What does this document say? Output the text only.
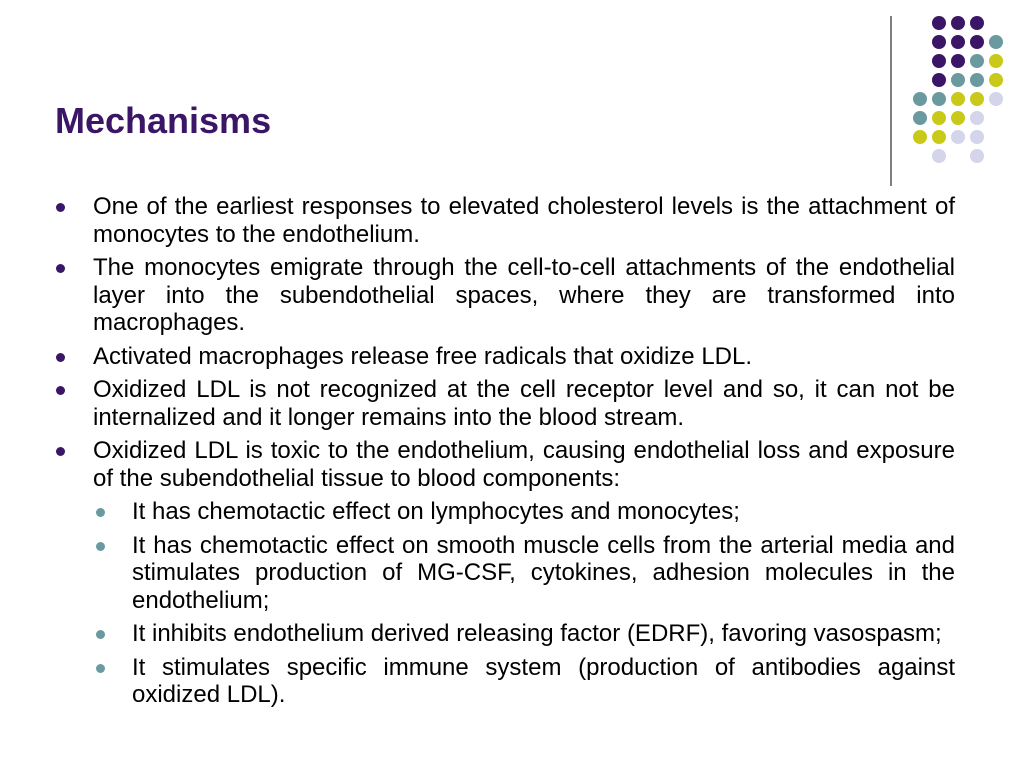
Mechanisms
One of the earliest responses to elevated cholesterol levels is the attachment of monocytes to the endothelium.
The monocytes emigrate through the cell-to-cell attachments of the endothelial layer into the subendothelial spaces, where they are transformed into macrophages.
Activated macrophages release free radicals that oxidize LDL.
Oxidized LDL is not recognized at the cell receptor level and so, it can not be internalized and it longer remains into the blood stream.
Oxidized LDL is toxic to the endothelium, causing endothelial loss and exposure of the subendothelial tissue to blood components:
It has chemotactic effect on lymphocytes and monocytes;
It has chemotactic effect on smooth muscle cells from the arterial media and stimulates production of MG-CSF, cytokines, adhesion molecules in the endothelium;
It inhibits endothelium derived releasing factor (EDRF), favoring vasospasm;
It stimulates specific immune system (production of antibodies against oxidized LDL).
